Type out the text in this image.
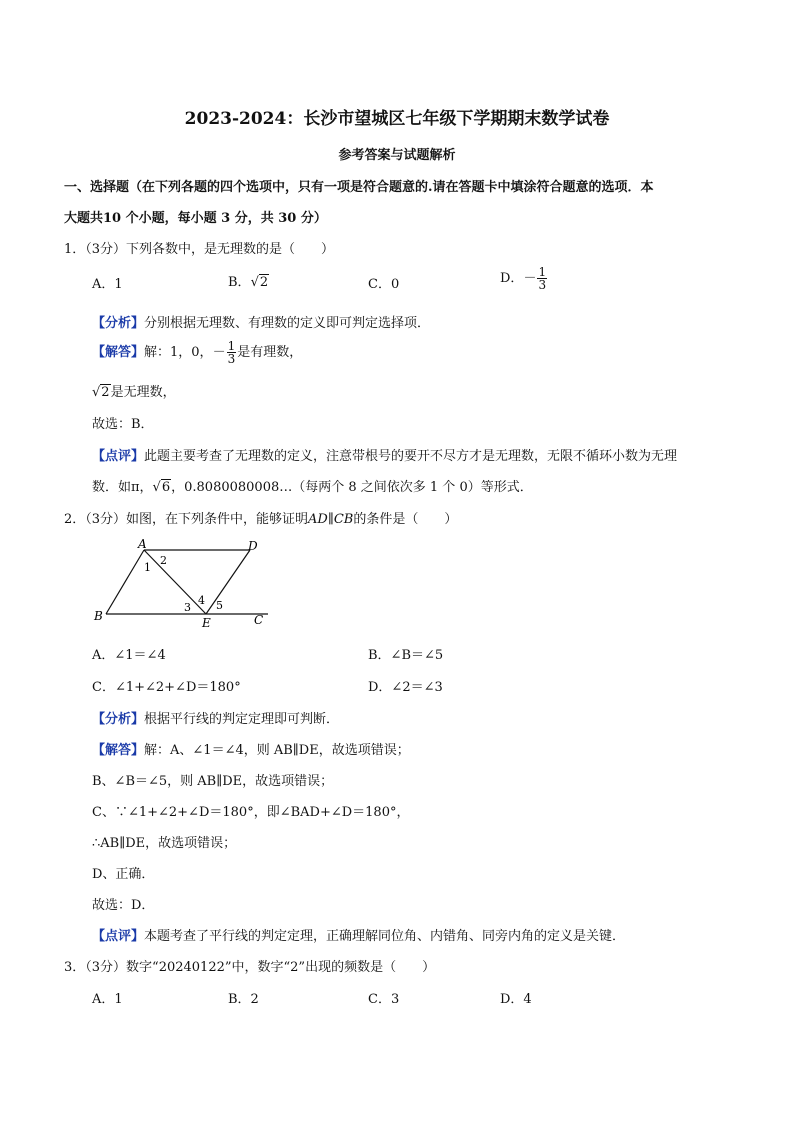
2023-2024：长沙市望城区七年级下学期期末数学试卷
参考答案与试题解析
一、选择题（在下列各题的四个选项中，只有一项是符合题意的.请在答题卡中填涂符合题意的选项．本
大题共10 个小题，每小题 3 分，共 30 分）
1．（3分）下列各数中，是无理数的是（　　）
A．1	B．√2	C．0	D．－ $\frac{1}{3}$
【分析】分别根据无理数、有理数的定义即可判定选择项．
【解答】解：1，0，－ $\frac{1}{3}$ 是有理数，
√2是无理数，
故选：B．
【点评】此题主要考查了无理数的定义，注意带根号的要开不尽方才是无理数，无限不循环小数为无理
数．如π，√6，0.8080080008…（每两个 8 之间依次多 1 个 0）等形式．
2．（3分）如图，在下列条件中，能够证明AD∥CB的条件是（　　）
A	D
B	E	C
1
2
3
4 5
A．∠1＝∠4	B．∠B＝∠5
C．∠1+∠2+∠D＝180°	D．∠2＝∠3
【分析】根据平行线的判定定理即可判断．
【解答】解：A、∠1＝∠4，则 AB∥DE，故选项错误；
B、∠B＝∠5，则 AB∥DE，故选项错误；
C、∵∠1+∠2+∠D＝180°，即∠BAD+∠D＝180°，
∴AB∥DE，故选项错误；
D、正确．
故选：D．
【点评】本题考查了平行线的判定定理，正确理解同位角、内错角、同旁内角的定义是关键．
3．（3分）数字“20240122”中，数字“2”出现的频数是（　　）
A．1	B．2	C．3	D．4
